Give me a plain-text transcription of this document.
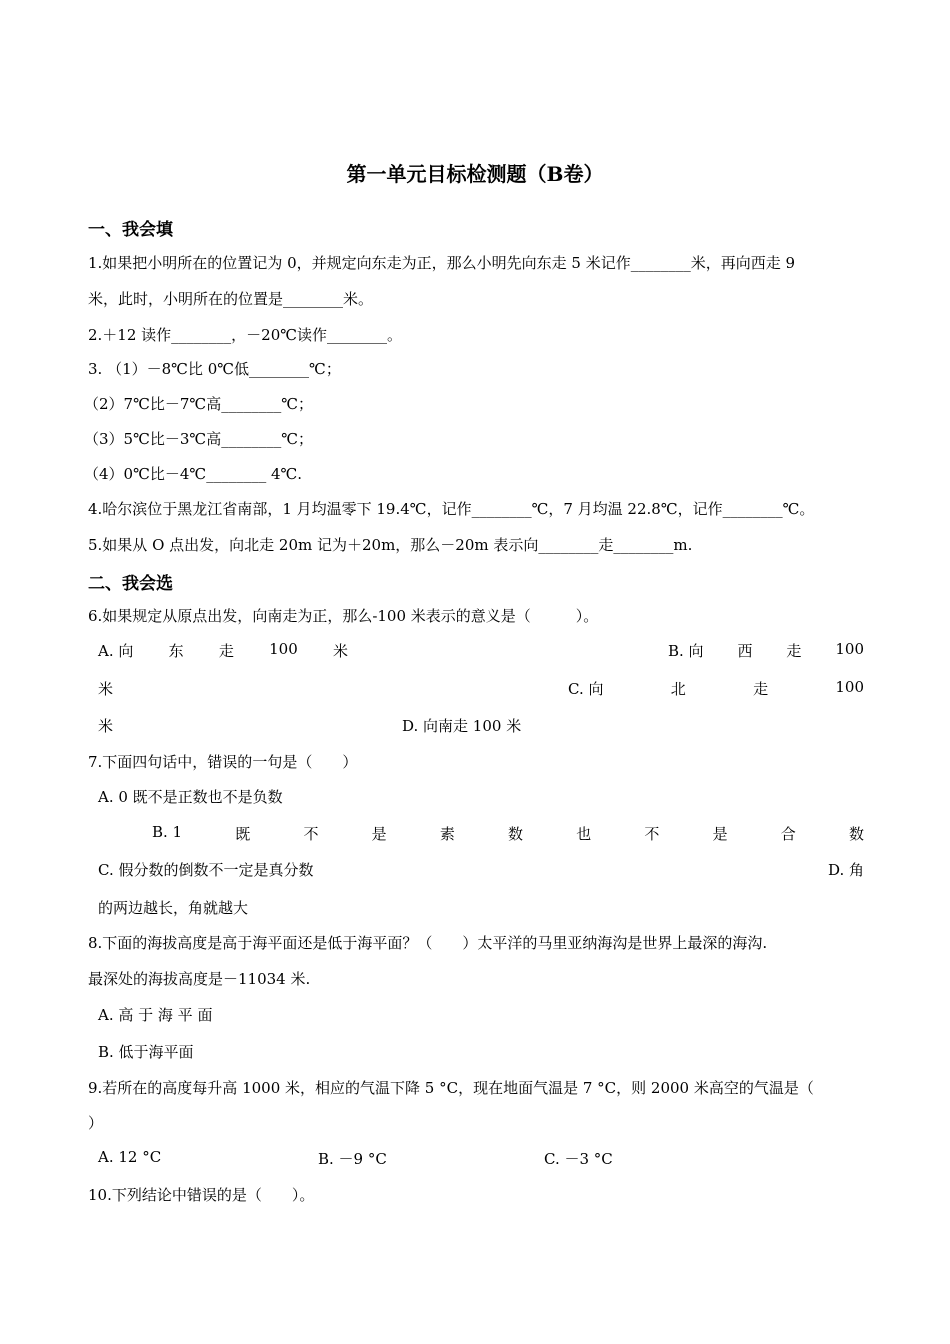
第一单元目标检测题（B卷）
一、我会填
1.如果把小明所在的位置记为 0，并规定向东走为正，那么小明先向东走 5 米记作________米，再向西走 9
米，此时，小明所在的位置是________米。
2.＋12 读作________，－20℃读作________。
3. （1）－8℃比 0℃低________℃；
（2）7℃比－7℃高________℃；
（3）5℃比－3℃高________℃；
（4）0℃比－4℃________ 4℃.
4.哈尔滨位于黑龙江省南部，1 月均温零下 19.4℃，记作________℃，7 月均温 22.8℃，记作________℃。
5.如果从 O 点出发，向北走 20m 记为＋20m，那么－20m 表示向________走________m.
二、我会选
6.如果规定从原点出发，向南走为正，那么-100 米表示的意义是（　　　）。
A. 向 东 走 100 米	B. 向 西 走 100
米	C. 向	北	走	100
米	D. 向南走 100 米
7.下面四句话中，错误的一句是（　　）
A. 0 既不是正数也不是负数
B. 1	既	不	是	素	数	也	不	是	合	数
C. 假分数的倒数不一定是真分数	D. 角
的两边越长，角就越大
8.下面的海拔高度是高于海平面还是低于海平面？（　　）太平洋的马里亚纳海沟是世界上最深的海沟.
最深处的海拔高度是－11034 米.
A. 高 于 海 平 面
B. 低于海平面
9.若所在的高度每升高 1000 米，相应的气温下降 5 °C，现在地面气温是 7 °C，则 2000 米高空的气温是（
）
A. 12 °C	B. －9 °C	C. －3 °C
10.下列结论中错误的是（　　）。
